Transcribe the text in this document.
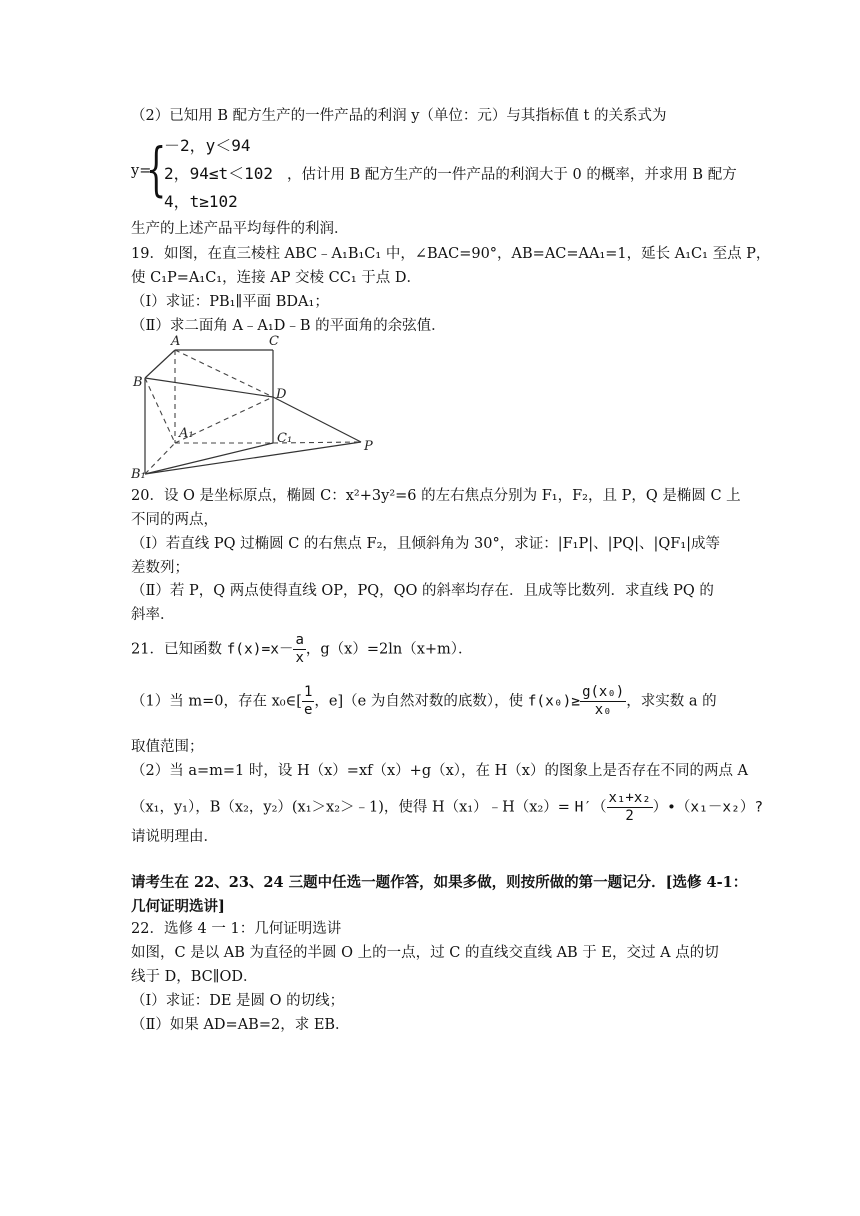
（2）已知用 B 配方生产的一件产品的利润 y（单位：元）与其指标值 t 的关系式为
y=
{
－2，y＜94
2，94≤t＜102
4，t≥102
，估计用 B 配方生产的一件产品的利润大于 0 的概率，并求用 B 配方
生产的上述产品平均每件的利润．
19．如图，在直三棱柱 ABC﹣A₁B₁C₁ 中，∠BAC=90°，AB=AC=AA₁=1，延长 A₁C₁ 至点 P，
使 C₁P=A₁C₁，连接 AP 交棱 CC₁ 于点 D．
（Ⅰ）求证：PB₁∥平面 BDA₁；
（Ⅱ）求二面角 A﹣A₁D﹣B 的平面角的余弦值．
A	C
B
D
A₁	C₁
P
B₁
20．设 O 是坐标原点，椭圆 C：x²+3y²=6 的左右焦点分别为 F₁，F₂，且 P，Q 是椭圆 C 上
不同的两点，
（I）若直线 PQ 过椭圆 C 的右焦点 F₂，且倾斜角为 30°，求证：|F₁P|、|PQ|、|QF₁|成等
差数列；
（Ⅱ）若 P，Q 两点使得直线 OP，PQ，QO 的斜率均存在．且成等比数列．求直线 PQ 的
斜率．
21．已知函数 $f(x)=x- \frac{a}{x}$ ，g（x）=2ln（x+m）．
（1）当 m=0，存在 x₀∈[ $\frac{1}{e}$ ，e]（e 为自然对数的底数），使 $f(x_0)\ge \frac{\text{g(x₀)}}{\text{x₀}}$ ，求实数 a 的
取值范围；
（2）当 a=m=1 时，设 H（x）=xf（x）+g（x），在 H（x）的图象上是否存在不同的两点 A
（x₁，y₁），B（x₂，y₂）(x₁＞x₂＞﹣1)，使得 H（x₁）﹣H（x₂）= $H'( \frac{\text{x₁+x₂}}{2}$ ）•（x₁－x₂）?
请说明理由．
请考生在 22、23、24 三题中任选一题作答，如果多做，则按所做的第一题记分．[选修 4-1：
几何证明选讲]
22．选修 4 一 1：几何证明选讲
如图，C 是以 AB 为直径的半圆 O 上的一点，过 C 的直线交直线 AB 于 E，交过 A 点的切
线于 D，BC∥OD．
（Ⅰ）求证：DE 是圆 O 的切线；
（Ⅱ）如果 AD=AB=2，求 EB．
